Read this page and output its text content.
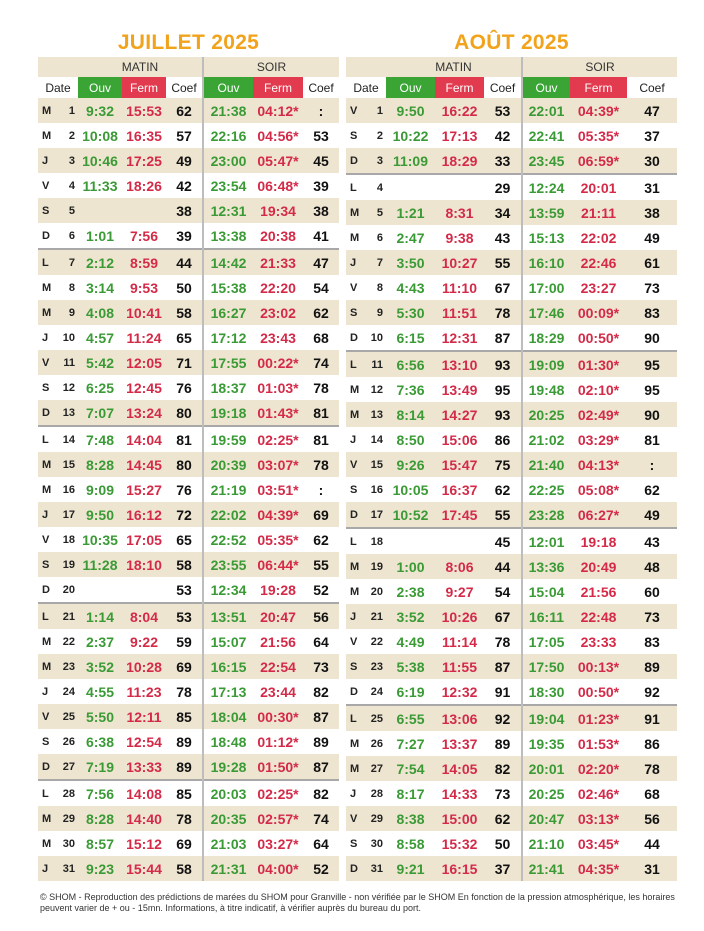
JUILLET 2025
	MATIN			SOIR		
Date	Ouv	Ferm	Coef	Ouv	Ferm	Coef
M 1	9:32	15:53	62	21:38	04:12*	:
M 2	10:08	16:35	57	22:16	04:56*	53
J 3	10:46	17:25	49	23:00	05:47*	45
V 4	11:33	18:26	42	23:54	06:48*	39
S 5			38	12:31	19:34	38
D 6	1:01	7:56	39	13:38	20:38	41
L 7	2:12	8:59	44	14:42	21:33	47
M 8	3:14	9:53	50	15:38	22:20	54
M 9	4:08	10:41	58	16:27	23:02	62
J 10	4:57	11:24	65	17:12	23:43	68
V 11	5:42	12:05	71	17:55	00:22*	74
S 12	6:25	12:45	76	18:37	01:03*	78
D 13	7:07	13:24	80	19:18	01:43*	81
L 14	7:48	14:04	81	19:59	02:25*	81
M 15	8:28	14:45	80	20:39	03:07*	78
M 16	9:09	15:27	76	21:19	03:51*	:
J 17	9:50	16:12	72	22:02	04:39*	69
V 18	10:35	17:05	65	22:52	05:35*	62
S 19	11:28	18:10	58	23:55	06:44*	55
D 20			53	12:34	19:28	52
L 21	1:14	8:04	53	13:51	20:47	56
M 22	2:37	9:22	59	15:07	21:56	64
M 23	3:52	10:28	69	16:15	22:54	73
J 24	4:55	11:23	78	17:13	23:44	82
V 25	5:50	12:11	85	18:04	00:30*	87
S 26	6:38	12:54	89	18:48	01:12*	89
D 27	7:19	13:33	89	19:28	01:50*	87
L 28	7:56	14:08	85	20:03	02:25*	82
M 29	8:28	14:40	78	20:35	02:57*	74
M 30	8:57	15:12	69	21:03	03:27*	64
J 31	9:23	15:44	58	21:31	04:00*	52
AOÛT 2025
	MATIN			SOIR		
Date	Ouv	Ferm	Coef	Ouv	Ferm	Coef
V 1	9:50	16:22	53	22:01	04:39*	47
S 2	10:22	17:13	42	22:41	05:35*	37
D 3	11:09	18:29	33	23:45	06:59*	30
L 4			29	12:24	20:01	31
M 5	1:21	8:31	34	13:59	21:11	38
M 6	2:47	9:38	43	15:13	22:02	49
J 7	3:50	10:27	55	16:10	22:46	61
V 8	4:43	11:10	67	17:00	23:27	73
S 9	5:30	11:51	78	17:46	00:09*	83
D 10	6:15	12:31	87	18:29	00:50*	90
L 11	6:56	13:10	93	19:09	01:30*	95
M 12	7:36	13:49	95	19:48	02:10*	95
M 13	8:14	14:27	93	20:25	02:49*	90
J 14	8:50	15:06	86	21:02	03:29*	81
V 15	9:26	15:47	75	21:40	04:13*	:
S 16	10:05	16:37	62	22:25	05:08*	62
D 17	10:52	17:45	55	23:28	06:27*	49
L 18			45	12:01	19:18	43
M 19	1:00	8:06	44	13:36	20:49	48
M 20	2:38	9:27	54	15:04	21:56	60
J 21	3:52	10:26	67	16:11	22:48	73
V 22	4:49	11:14	78	17:05	23:33	83
S 23	5:38	11:55	87	17:50	00:13*	89
D 24	6:19	12:32	91	18:30	00:50*	92
L 25	6:55	13:06	92	19:04	01:23*	91
M 26	7:27	13:37	89	19:35	01:53*	86
M 27	7:54	14:05	82	20:01	02:20*	78
J 28	8:17	14:33	73	20:25	02:46*	68
V 29	8:38	15:00	62	20:47	03:13*	56
S 30	8:58	15:32	50	21:10	03:45*	44
D 31	9:21	16:15	37	21:41	04:35*	31
© SHOM - Reproduction des prédictions de marées du SHOM pour Granville - non vérifiée par le SHOM En fonction de la pression atmosphérique, les horaires peuvent varier de + ou - 15mn. Informations, à titre indicatif, à vérifier auprès du bureau du port.
